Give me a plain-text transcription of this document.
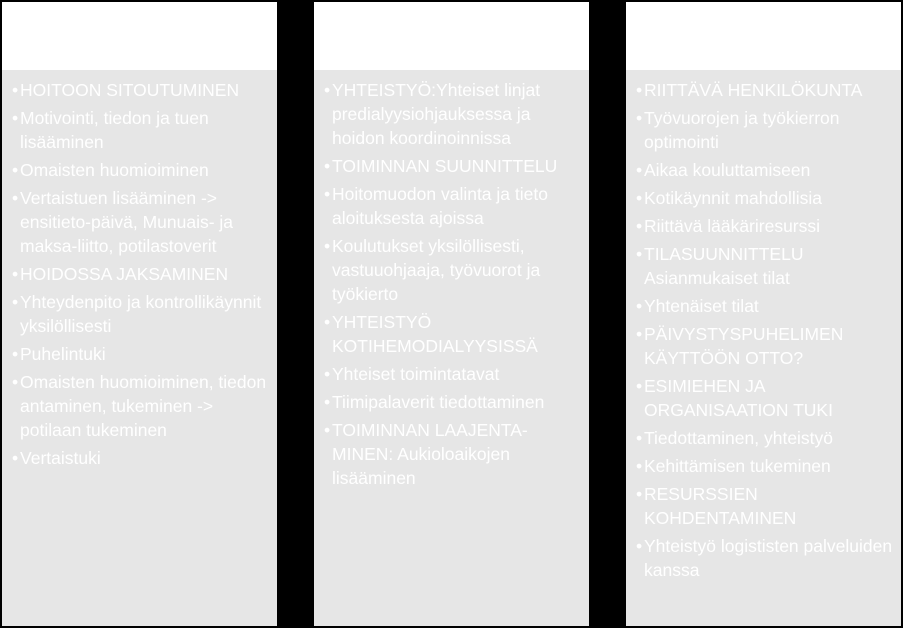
• HOITOON SITOUTUMINEN
• Motivointi, tiedon ja tuen lisääminen
• Omaisten huomioiminen
• Vertaistuen lisääminen -> ensitieto-päivä, Munuais- ja maksa-liitto, potilastoverit
• HOIDOSSA JAKSAMINEN
• Yhteydenpito ja kontrollikäynnit yksilöllisesti
• Puhelintuki
• Omaisten huomioiminen, tiedon antaminen, tukeminen -> potilaan tukeminen
• Vertaistuki
• YHTEISTYÖ:Yhteiset linjat predialyysiohjauksessa ja hoidon koordinoinnissa
• TOIMINNAN SUUNNITTELU
• Hoitomuodon valinta ja tieto aloituksesta ajoissa
• Koulutukset yksilöllisesti, vastuuohjaaja, työvuorot ja työkierto
• YHTEISTYÖ KOTIHEMODIALYYSISSÄ
• Yhteiset toimintatavat
• Tiimipalaverit tiedottaminen
• TOIMINNAN LAAJENTA-MINEN: Aukioloaikojen lisääminen
• RIITTÄVÄ HENKILÖKUNTA
• Työvuorojen ja työkierron optimointi
• Aikaa kouluttamiseen
• Kotikäynnit mahdollisia
• Riittävä lääkäriresurssi
• TILASUUNNITTELU Asianmukaiset tilat
• Yhtenäiset tilat
• PÄIVYSTYSPUHELIMEN KÄYTTÖÖN OTTO?
• ESIMIEHEN JA ORGANISAATION TUKI
• Tiedottaminen, yhteistyö
• Kehittämisen tukeminen
• RESURSSIEN KOHDENTAMINEN
• Yhteistyö logististen palveluiden kanssa
